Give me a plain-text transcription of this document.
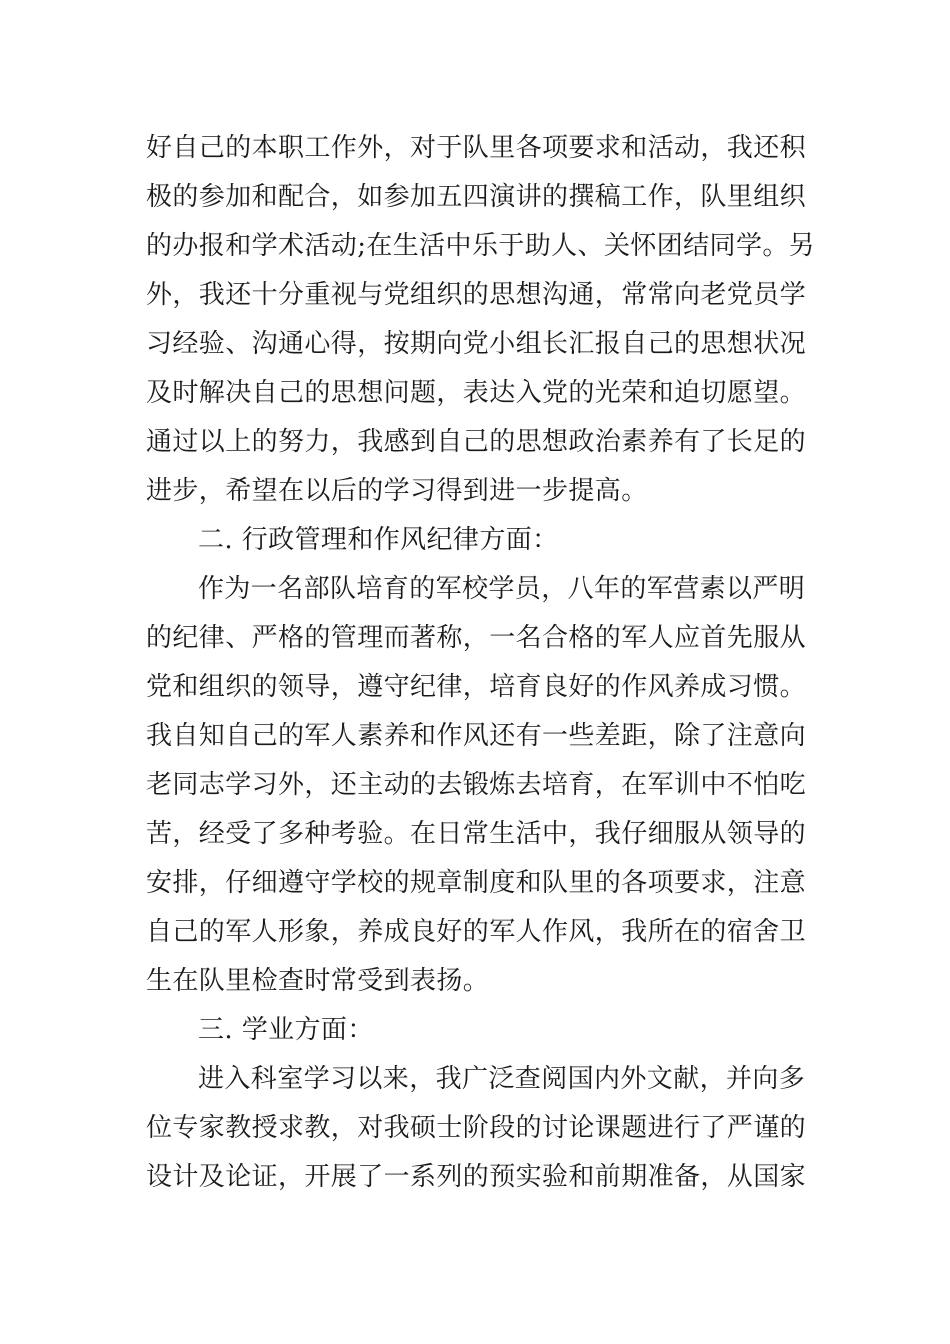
好自己的本职工作外，对于队里各项要求和活动，我还积
极的参加和配合，如参加五四演讲的撰稿工作，队里组织
的办报和学术活动;在生活中乐于助人、关怀团结同学。另
外，我还十分重视与党组织的思想沟通，常常向老党员学
习经验、沟通心得，按期向党小组长汇报自己的思想状况
及时解决自己的思想问题，表达入党的光荣和迫切愿望。
通过以上的努力，我感到自己的思想政治素养有了长足的
进步，希望在以后的学习得到进一步提高。
二. 行政管理和作风纪律方面：
作为一名部队培育的军校学员，八年的军营素以严明
的纪律、严格的管理而著称，一名合格的军人应首先服从
党和组织的领导，遵守纪律，培育良好的作风养成习惯。
我自知自己的军人素养和作风还有一些差距，除了注意向
老同志学习外，还主动的去锻炼去培育，在军训中不怕吃
苦，经受了多种考验。在日常生活中，我仔细服从领导的
安排，仔细遵守学校的规章制度和队里的各项要求，注意
自己的军人形象，养成良好的军人作风，我所在的宿舍卫
生在队里检查时常受到表扬。
三. 学业方面：
进入科室学习以来，我广泛查阅国内外文献，并向多
位专家教授求教，对我硕士阶段的讨论课题进行了严谨的
设计及论证，开展了一系列的预实验和前期准备，从国家
